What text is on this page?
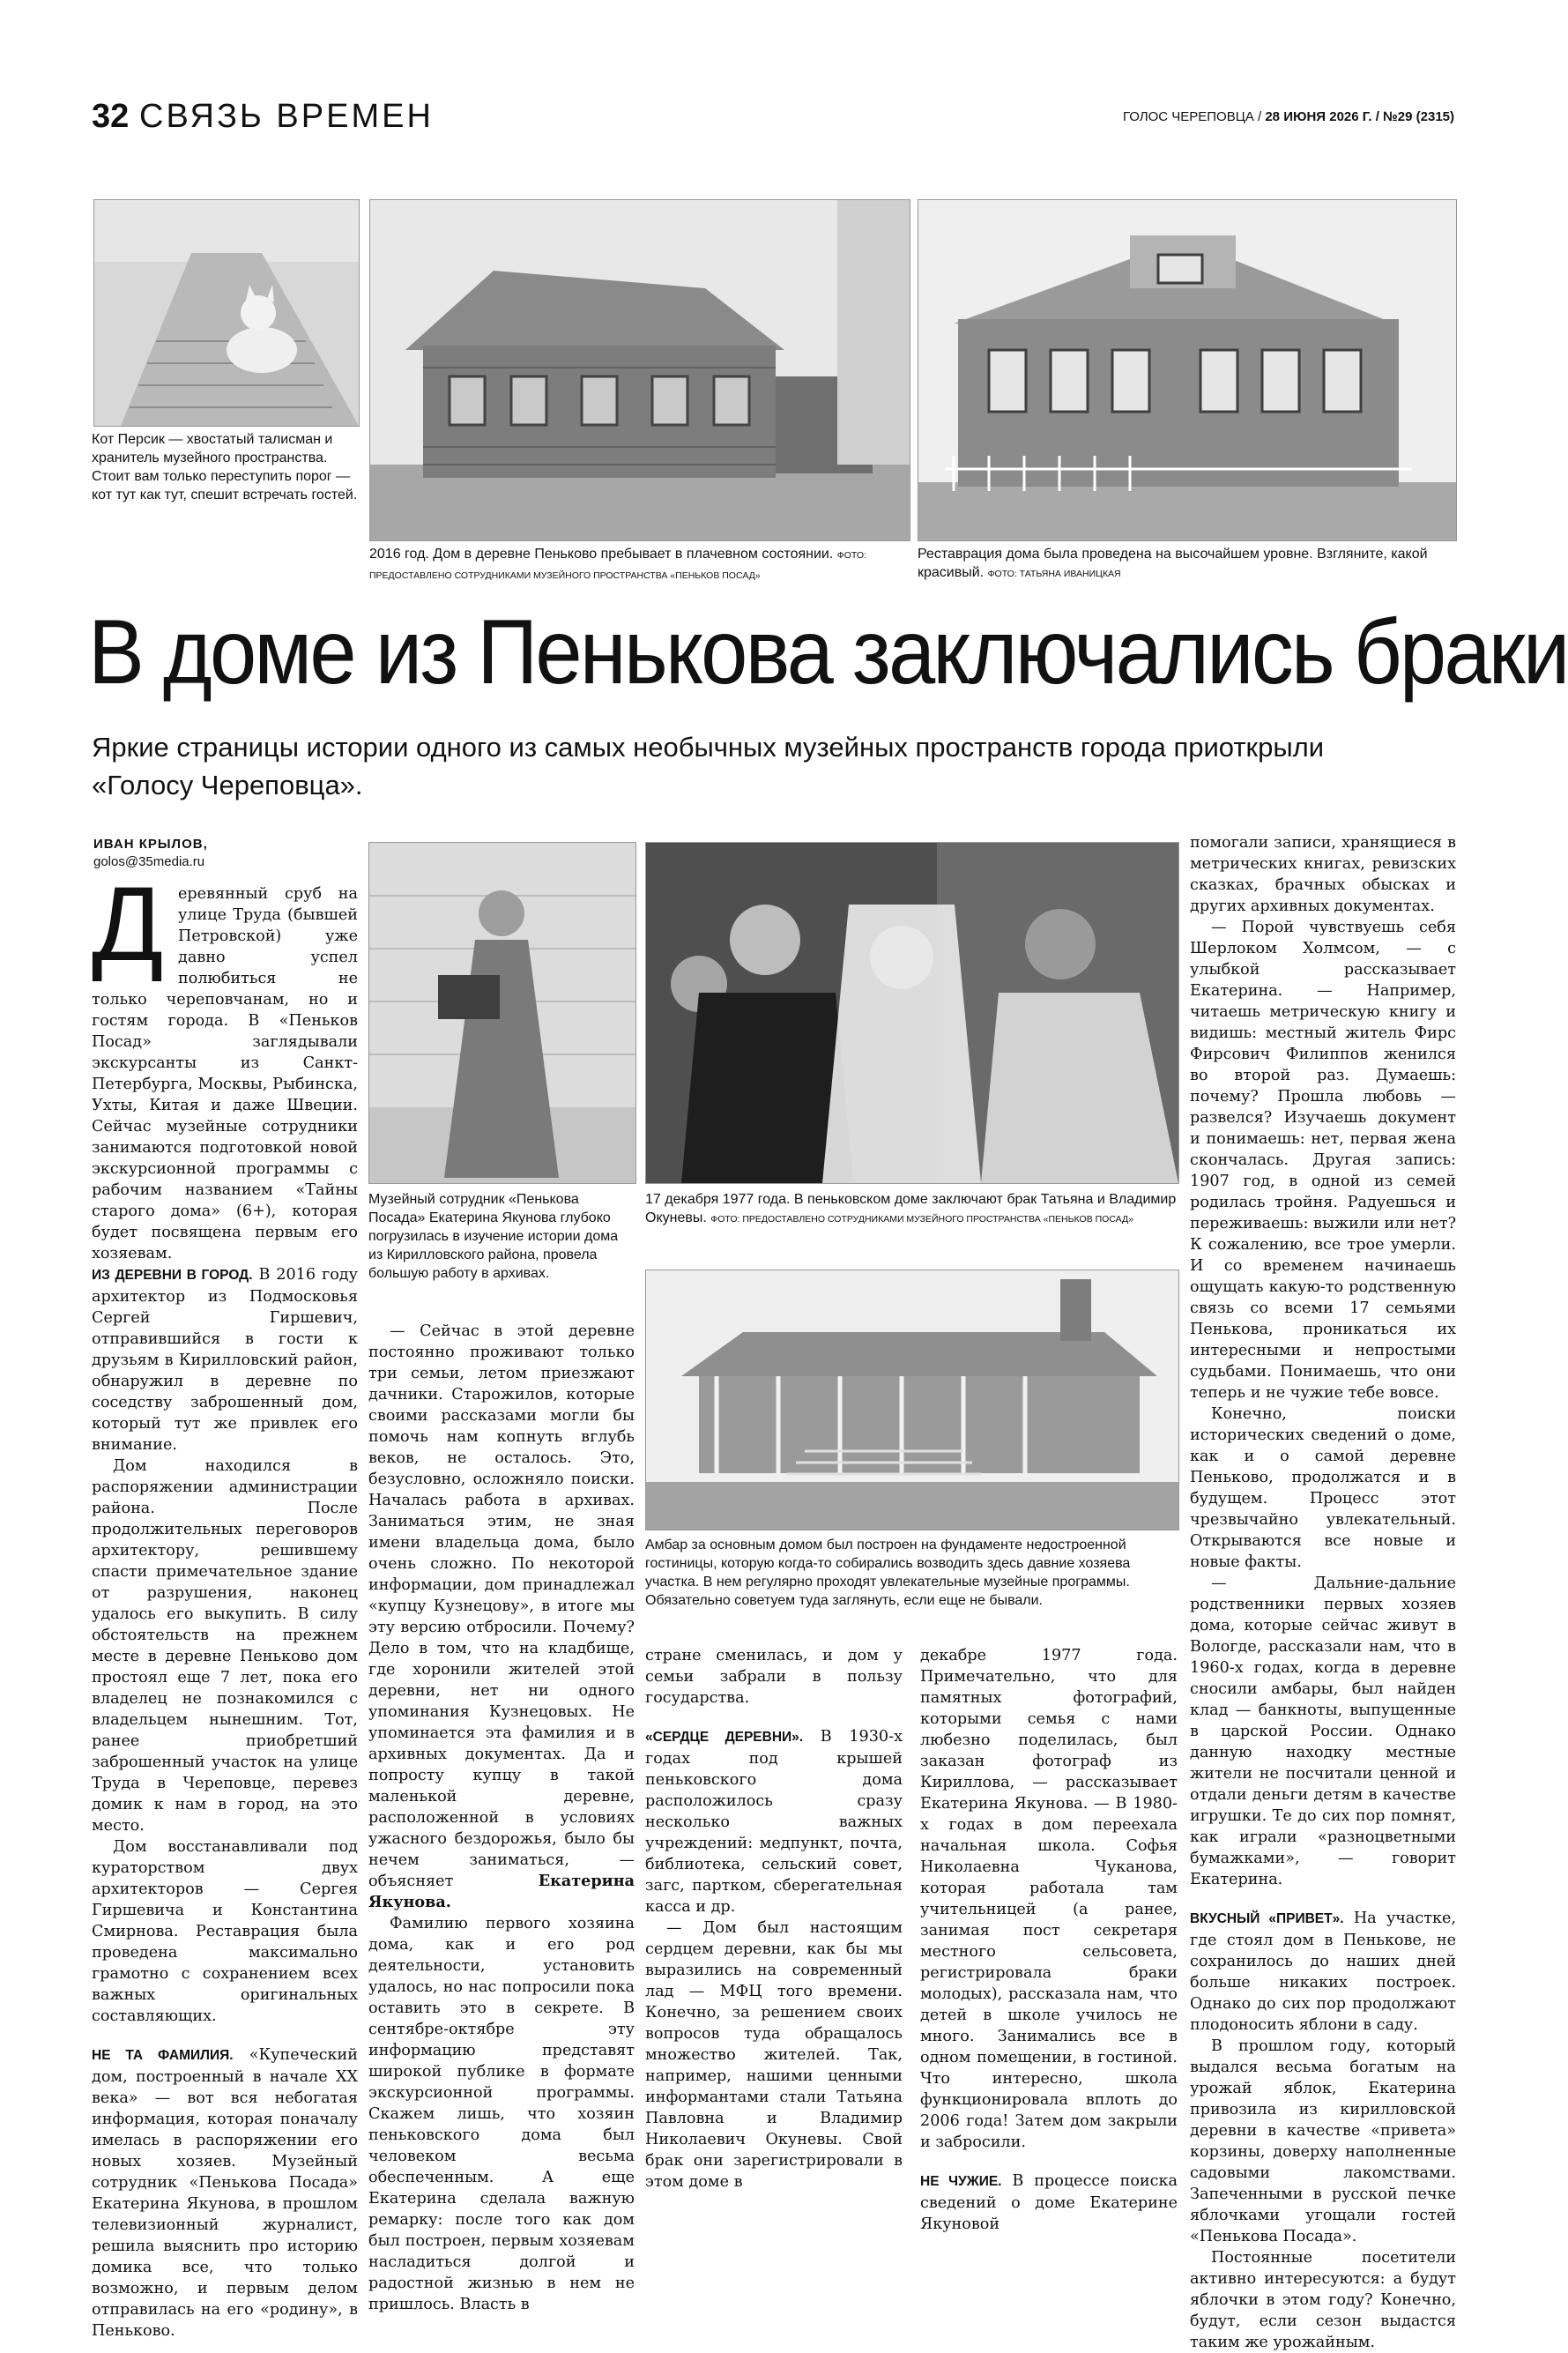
32 СВЯЗЬ ВРЕМЕН	ГОЛОС ЧЕРЕПОВЦА / 28 ИЮНЯ 2026 Г. / №29 (2315)
Кот Персик — хвостатый талисман и хранитель музейного пространства. Стоит вам только переступить порог — кот тут как тут, спешит встречать гостей.
2016 год. Дом в деревне Пеньково пребывает в плачевном состоянии. ФОТО: ПРЕДОСТАВЛЕНО СОТРУДНИКАМИ МУЗЕЙНОГО ПРОСТРАНСТВА «ПЕНЬКОВ ПОСАД»
Реставрация дома была проведена на высочайшем уровне. Взгляните, какой красивый. ФОТО: ТАТЬЯНА ИВАНИЦКАЯ
В доме из Пенькова заключались браки
Яркие страницы истории одного из самых необычных музейных пространств города приоткрыли «Голосу Череповца».
ИВАН КРЫЛОВ,
golos@35media.ru
Д еревянный сруб на улице Труда (бывшей Петровской) уже давно успел полюбиться не только череповчанам, но и гостям города. В «Пеньков Посад» заглядывали экскурсанты из Санкт-Петербурга, Москвы, Рыбинска, Ухты, Китая и даже Швеции. Сейчас музейные сотрудники занимаются подготовкой новой экскурсионной программы с рабочим названием «Тайны старого дома» (6+), которая будет посвящена первым его хозяевам.

ИЗ ДЕРЕВНИ В ГОРОД. В 2016 году архитектор из Подмосковья Сергей Гиршевич, отправившийся в гости к друзьям в Кирилловский район, обнаружил в деревне по соседству заброшенный дом, который тут же привлек его внимание.

Дом находился в распоряжении администрации района. После продолжительных переговоров архитектору, решившему спасти примечательное здание от разрушения, наконец удалось его выкупить. В силу обстоятельств на прежнем месте в деревне Пеньково дом простоял еще 7 лет, пока его владелец не познакомился с владельцем нынешним. Тот, ранее приобретший заброшенный участок на улице Труда в Череповце, перевез домик к нам в город, на это место.

Дом восстанавливали под кураторством двух архитекторов — Сергея Гиршевича и Константина Смирнова. Реставрация была проведена максимально грамотно с сохранением всех важных оригинальных составляющих.

НЕ ТА ФАМИЛИЯ. «Купеческий дом, построенный в начале XX века» — вот вся небогатая информация, которая поначалу имелась в распоряжении его новых хозяев. Музейный сотрудник «Пенькова Посада» Екатерина Якунова, в прошлом телевизионный журналист, решила выяснить про историю домика все, что только возможно, и первым делом отправилась на его «родину», в Пеньково.

Музейный сотрудник «Пенькова Посада» Екатерина Якунова глубоко погрузилась в изучение истории дома из Кирилловского района, провела большую работу в архивах.

— Сейчас в этой деревне постоянно проживают только три семьи, летом приезжают дачники. Старожилов, которые своими рассказами могли бы помочь нам копнуть вглубь веков, не осталось. Это, безусловно, осложняло поиски. Началась работа в архивах. Заниматься этим, не зная имени владельца дома, было очень сложно. По некоторой информации, дом принадлежал «купцу Кузнецову», в итоге мы эту версию отбросили. Почему? Дело в том, что на кладбище, где хоронили жителей этой деревни, нет ни одного упоминания Кузнецовых. Не упоминается эта фамилия и в архивных документах. Да и попросту купцу в такой маленькой деревне, расположенной в условиях ужасного бездорожья, было бы нечем заниматься, — объясняет Екатерина Якунова.

Фамилию первого хозяина дома, как и его род деятельности, установить удалось, но нас попросили пока оставить это в секрете. В сентябре-октябре эту информацию представят широкой публике в формате экскурсионной программы. Скажем лишь, что хозяин пеньковского дома был человеком весьма обеспеченным. А еще Екатерина сделала важную ремарку: после того как дом был построен, первым хозяевам насладиться долгой и радостной жизнью в нем не пришлось. Власть в

17 декабря 1977 года. В пеньковском доме заключают брак Татьяна и Владимир Окуневы. ФОТО: ПРЕДОСТАВЛЕНО СОТРУДНИКАМИ МУЗЕЙНОГО ПРОСТРАНСТВА «ПЕНЬКОВ ПОСАД»
Амбар за основным домом был построен на фундаменте недостроенной гостиницы, которую когда-то собирались возводить здесь давние хозяева участка. В нем регулярно проходят увлекательные музейные программы. Обязательно советуем туда заглянуть, если еще не бывали.

стране сменилась, и дом у семьи забрали в пользу государства.

«СЕРДЦЕ ДЕРЕВНИ». В 1930-х годах под крышей пеньковского дома расположилось сразу несколько важных учреждений: медпункт, почта, библиотека, сельский совет, загс, партком, сберегательная касса и др.

— Дом был настоящим сердцем деревни, как бы мы выразились на современный лад — МФЦ того времени. Конечно, за решением своих вопросов туда обращалось множество жителей. Так, например, нашими ценными информантами стали Татьяна Павловна и Владимир Николаевич Окуневы. Свой брак они зарегистрировали в этом доме в

декабре 1977 года. Примечательно, что для памятных фотографий, которыми семья с нами любезно поделилась, был заказан фотограф из Кириллова, — рассказывает Екатерина Якунова. — В 1980-х годах в дом переехала начальная школа. Софья Николаевна Чуканова, которая работала там учительницей (а ранее, занимая пост секретаря местного сельсовета, регистрировала браки молодых), рассказала нам, что детей в школе училось не много. Занимались все в одном помещении, в гостиной. Что интересно, школа функционировала вплоть до 2006 года! Затем дом закрыли и забросили.

НЕ ЧУЖИЕ. В процессе поиска сведений о доме Екатерине Якуновой

помогали записи, хранящиеся в метрических книгах, ревизских сказках, брачных обысках и других архивных документах.

— Порой чувствуешь себя Шерлоком Холмсом, — с улыбкой рассказывает Екатерина. — Например, читаешь метрическую книгу и видишь: местный житель Фирс Фирсович Филиппов женился во второй раз. Думаешь: почему? Прошла любовь — развелся? Изучаешь документ и понимаешь: нет, первая жена скончалась. Другая запись: 1907 год, в одной из семей родилась тройня. Радуешься и переживаешь: выжили или нет? К сожалению, все трое умерли. И со временем начинаешь ощущать какую-то родственную связь со всеми 17 семьями Пенькова, проникаться их интересными и непростыми судьбами. Понимаешь, что они теперь и не чужие тебе вовсе.

Конечно, поиски исторических сведений о доме, как и о самой деревне Пеньково, продолжатся и в будущем. Процесс этот чрезвычайно увлекательный. Открываются все новые и новые факты.

— Дальние-дальние родственники первых хозяев дома, которые сейчас живут в Вологде, рассказали нам, что в 1960-х годах, когда в деревне сносили амбары, был найден клад — банкноты, выпущенные в царской России. Однако данную находку местные жители не посчитали ценной и отдали деньги детям в качестве игрушки. Те до сих пор помнят, как играли «разноцветными бумажками», — говорит Екатерина.

ВКУСНЫЙ «ПРИВЕТ». На участке, где стоял дом в Пенькове, не сохранилось до наших дней больше никаких построек. Однако до сих пор продолжают плодоносить яблони в саду.

В прошлом году, который выдался весьма богатым на урожай яблок, Екатерина привозила из кирилловской деревни в качестве «привета» корзины, доверху наполненные садовыми лакомствами. Запеченными в русской печке яблочками угощали гостей «Пенькова Посада».

Постоянные посетители активно интересуются: а будут яблочки в этом году? Конечно, будут, если сезон выдастся таким же урожайным.
